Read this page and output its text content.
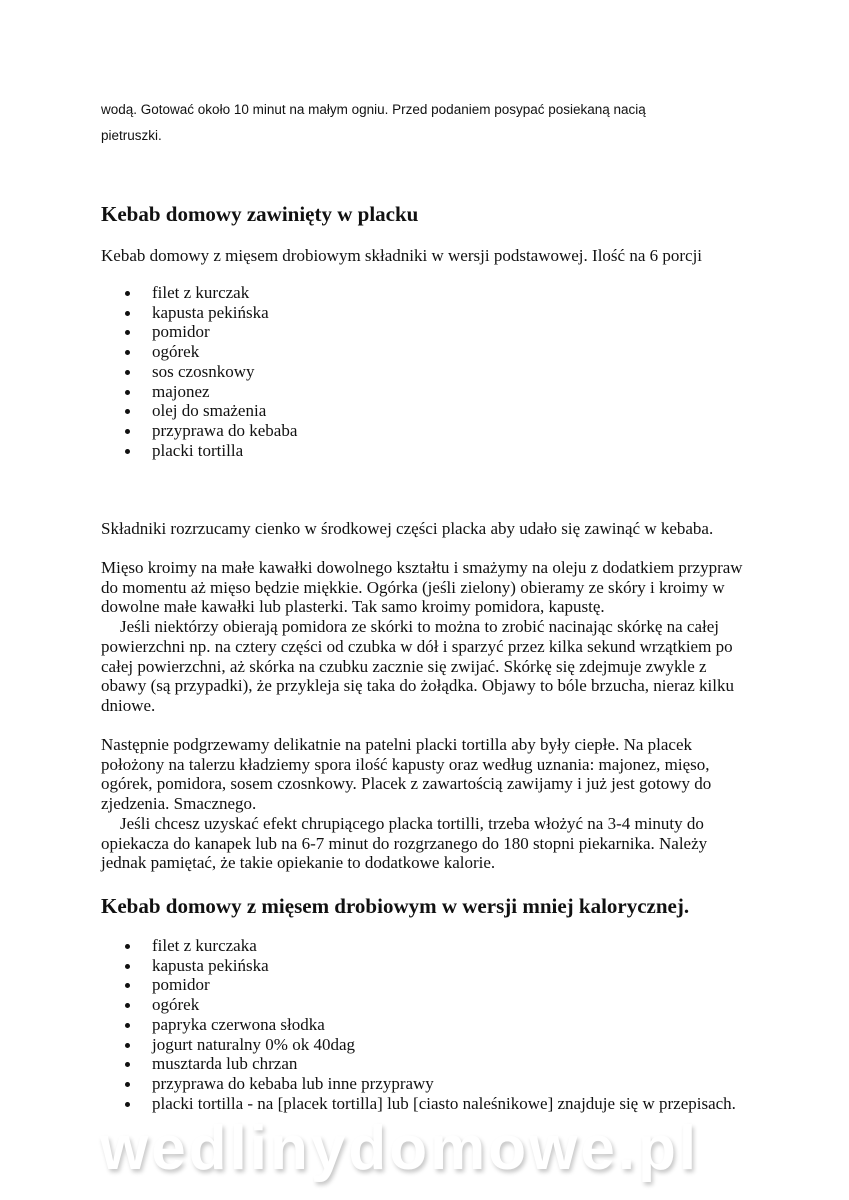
wedlinydomowe.pl
wodą. Gotować około 10 minut na małym ogniu. Przed podaniem posypać posiekaną nacią
pietruszki.
Kebab domowy zawinięty w placku
Kebab domowy z mięsem drobiowym składniki w wersji podstawowej. Ilość na 6 porcji
filet z kurczak
kapusta pekińska
pomidor
ogórek
sos czosnkowy
majonez
olej do smażenia
przyprawa do kebaba
placki tortilla
Składniki rozrzucamy cienko w środkowej części placka aby udało się zawinąć w kebaba.
Mięso kroimy na małe kawałki dowolnego kształtu i smażymy na oleju z dodatkiem przypraw
do momentu aż mięso będzie miękkie. Ogórka (jeśli zielony) obieramy ze skóry i kroimy w
dowolne małe kawałki lub plasterki. Tak samo kroimy pomidora, kapustę.
Jeśli niektórzy obierają pomidora ze skórki to można to zrobić nacinając skórkę na całej
powierzchni np. na cztery części od czubka w dół i sparzyć przez kilka sekund wrzątkiem po
całej powierzchni, aż skórka na czubku zacznie się zwijać. Skórkę się zdejmuje zwykle z
obawy (są przypadki), że przykleja się taka do żołądka. Objawy to bóle brzucha, nieraz kilku
dniowe.
Następnie podgrzewamy delikatnie na patelni placki tortilla aby były ciepłe. Na placek
położony na talerzu kładziemy spora ilość kapusty oraz według uznania: majonez, mięso,
ogórek, pomidora, sosem czosnkowy. Placek z zawartością zawijamy i już jest gotowy do
zjedzenia. Smacznego.
Jeśli chcesz uzyskać efekt chrupiącego placka tortilli, trzeba włożyć na 3-4 minuty do
opiekacza do kanapek lub na 6-7 minut do rozgrzanego do 180 stopni piekarnika. Należy
jednak pamiętać, że takie opiekanie to dodatkowe kalorie.
Kebab domowy z mięsem drobiowym w wersji mniej kalorycznej.
filet z kurczaka
kapusta pekińska
pomidor
ogórek
papryka czerwona słodka
jogurt naturalny 0% ok 40dag
musztarda lub chrzan
przyprawa do kebaba lub inne przyprawy
placki tortilla - na [placek tortilla] lub [ciasto naleśnikowe] znajduje się w przepisach.
